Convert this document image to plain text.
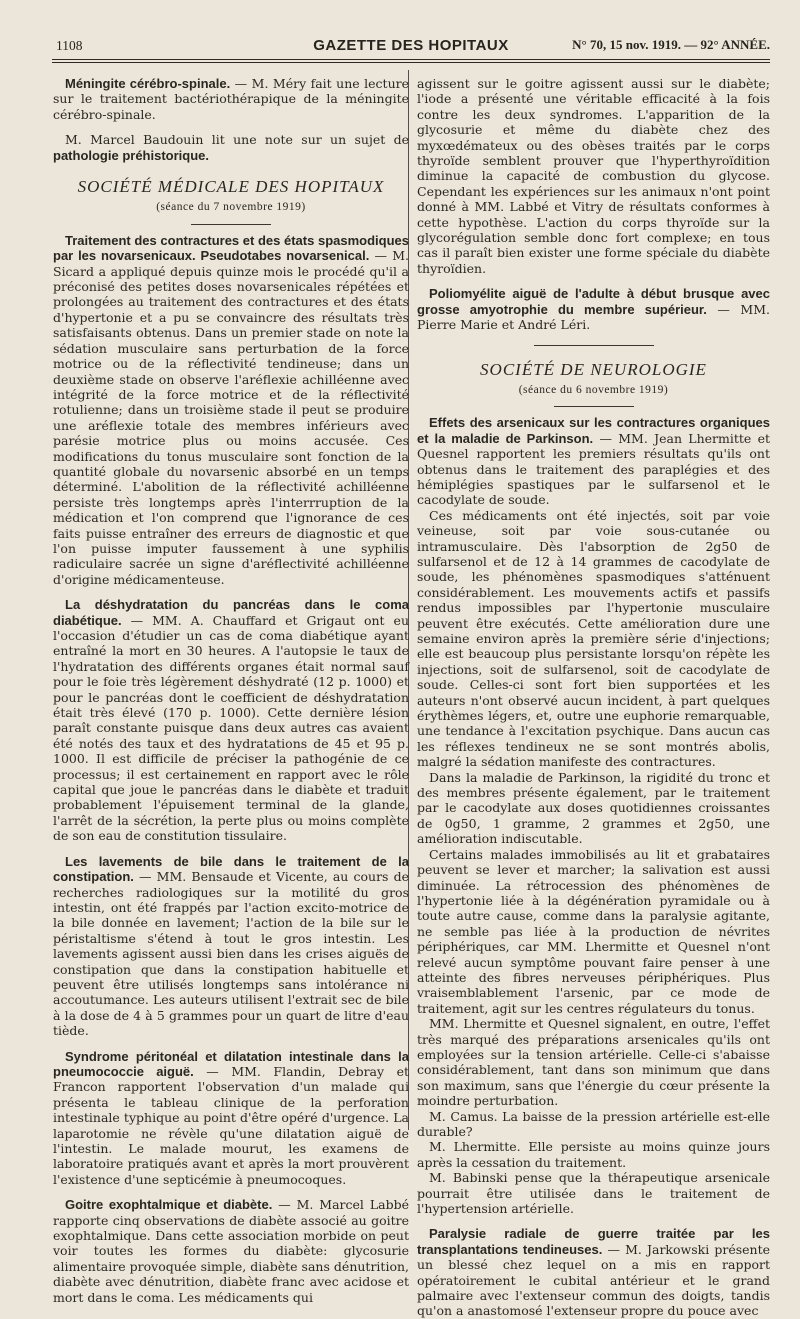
1108	GAZETTE DES HOPITAUX	N° 70, 15 nov. 1919. — 92° ANNÉE.

Méningite cérébro-spinale. — M. Méry fait une lecture sur le traitement bactériothérapique de la méningite cérébro-spinale.

M. Marcel Baudouin lit une note sur un sujet de pathologie préhistorique.

SOCIÉTÉ MÉDICALE DES HOPITAUX

(séance du 7 novembre 1919)

Traitement des contractures et des états spasmodiques par les novarsenicaux. Pseudotabes novarsenical. — M. Sicard a appliqué depuis quinze mois le procédé qu'il a préconisé des petites doses novarsenicales répétées et prolongées au traitement des contractures et des états d'hypertonie et a pu se convaincre des résultats très satisfaisants obtenus. Dans un premier stade on note la sédation musculaire sans perturbation de la force motrice ou de la réflectivité tendineuse; dans un deuxième stade on observe l'aréflexie achilléenne avec intégrité de la force motrice et de la réflectivité rotulienne; dans un troisième stade il peut se produire une aréflexie totale des membres inférieurs avec parésie motrice plus ou moins accusée. Ces modifications du tonus musculaire sont fonction de la quantité globale du novarsenic absorbé en un temps déterminé. L'abolition de la réflectivité achilléenne persiste très longtemps après l'interrruption de la médication et l'on comprend que l'ignorance de ces faits puisse entraîner des erreurs de diagnostic et que l'on puisse imputer faussement à une syphilis radiculaire sacrée un signe d'aréflectivité achilléenne d'origine médicamenteuse.

La déshydratation du pancréas dans le coma diabétique. — MM. A. Chauffard et Grigaut ont eu l'occasion d'étudier un cas de coma diabétique ayant entraîné la mort en 30 heures. A l'autopsie le taux de l'hydratation des différents organes était normal sauf pour le foie très légèrement déshydraté (12 p. 1000) et pour le pancréas dont le coefficient de déshydratation était très élevé (170 p. 1000). Cette dernière lésion paraît constante puisque dans deux autres cas avaient été notés des taux et des hydratations de 45 et 95 p. 1000. Il est difficile de préciser la pathogénie de ce processus; il est certainement en rapport avec le rôle capital que joue le pancréas dans le diabète et traduit probablement l'épuisement terminal de la glande, l'arrêt de la sécrétion, la perte plus ou moins complète de son eau de constitution tissulaire.

Les lavements de bile dans le traitement de la constipation. — MM. Bensaude et Vicente, au cours de recherches radiologiques sur la motilité du gros intestin, ont été frappés par l'action excito-motrice de la bile donnée en lavement; l'action de la bile sur le péristaltisme s'étend à tout le gros intestin. Les lavements agissent aussi bien dans les crises aiguës de constipation que dans la constipation habituelle et peuvent être utilisés longtemps sans intolérance ni accoutumance. Les auteurs utilisent l'extrait sec de bile à la dose de 4 à 5 grammes pour un quart de litre d'eau tiède.

Syndrome péritonéal et dilatation intestinale dans la pneumococcie aiguë. — MM. Flandin, Debray et Francon rapportent l'observation d'un malade qui présenta le tableau clinique de la perforation intestinale typhique au point d'être opéré d'urgence. La laparotomie ne révèle qu'une dilatation aiguë de l'intestin. Le malade mourut, les examens de laboratoire pratiqués avant et après la mort prouvèrent l'existence d'une septicémie à pneumocoques.

Goitre exophtalmique et diabète. — M. Marcel Labbé rapporte cinq observations de diabète associé au goitre exophtalmique. Dans cette association morbide on peut voir toutes les formes du diabète: glycosurie alimentaire provoquée simple, diabète sans dénutrition, diabète avec dénutrition, diabète franc avec acidose et mort dans le coma. Les médicaments qui

agissent sur le goitre agissent aussi sur le diabète; l'iode a présenté une véritable efficacité à la fois contre les deux syndromes. L'apparition de la glycosurie et même du diabète chez des myxœdémateux ou des obèses traités par le corps thyroïde semblent prouver que l'hyperthyroïdition diminue la capacité de combustion du glycose. Cependant les expériences sur les animaux n'ont point donné à MM. Labbé et Vitry de résultats conformes à cette hypothèse. L'action du corps thyroïde sur la glycorégulation semble donc fort complexe; en tous cas il paraît bien exister une forme spéciale du diabète thyroïdien.

Poliomyélite aiguë de l'adulte à début brusque avec grosse amyotrophie du membre supérieur. — MM. Pierre Marie et André Léri.

SOCIÉTÉ DE NEUROLOGIE

(séance du 6 novembre 1919)

Effets des arsenicaux sur les contractures organiques et la maladie de Parkinson. — MM. Jean Lhermitte et Quesnel rapportent les premiers résultats qu'ils ont obtenus dans le traitement des paraplégies et des hémiplégies spastiques par le sulfarsenol et le cacodylate de soude.

Ces médicaments ont été injectés, soit par voie veineuse, soit par voie sous-cutanée ou intramusculaire. Dès l'absorption de 2g50 de sulfarsenol et de 12 à 14 grammes de cacodylate de soude, les phénomènes spasmodiques s'atténuent considérablement. Les mouvements actifs et passifs rendus impossibles par l'hypertonie musculaire peuvent être exécutés. Cette amélioration dure une semaine environ après la première série d'injections; elle est beaucoup plus persistante lorsqu'on répète les injections, soit de sulfarsenol, soit de cacodylate de soude. Celles-ci sont fort bien supportées et les auteurs n'ont observé aucun incident, à part quelques érythèmes légers, et, outre une euphorie remarquable, une tendance à l'excitation psychique. Dans aucun cas les réflexes tendineux ne se sont montrés abolis, malgré la sédation manifeste des contractures.

Dans la maladie de Parkinson, la rigidité du tronc et des membres présente également, par le traitement par le cacodylate aux doses quotidiennes croissantes de 0g50, 1 gramme, 2 grammes et 2g50, une amélioration indiscutable.

Certains malades immobilisés au lit et grabataires peuvent se lever et marcher; la salivation est aussi diminuée. La rétrocession des phénomènes de l'hypertonie liée à la dégénération pyramidale ou à toute autre cause, comme dans la paralysie agitante, ne semble pas liée à la production de névrites périphériques, car MM. Lhermitte et Quesnel n'ont relevé aucun symptôme pouvant faire penser à une atteinte des fibres nerveuses périphériques. Plus vraisemblablement l'arsenic, par ce mode de traitement, agit sur les centres régulateurs du tonus.

MM. Lhermitte et Quesnel signalent, en outre, l'effet très marqué des préparations arsenicales qu'ils ont employées sur la tension artérielle. Celle-ci s'abaisse considérablement, tant dans son minimum que dans son maximum, sans que l'énergie du cœur présente la moindre perturbation.

M. Camus. La baisse de la pression artérielle est-elle durable?

M. Lhermitte. Elle persiste au moins quinze jours après la cessation du traitement.

M. Babinski pense que la thérapeutique arsenicale pourrait être utilisée dans le traitement de l'hypertension artérielle.

Paralysie radiale de guerre traitée par les transplantations tendineuses. — M. Jarkowski présente un blessé chez lequel on a mis en rapport opératoirement le cubital antérieur et le grand palmaire avec l'extenseur commun des doigts, tandis qu'on a anastomosé l'extenseur propre du pouce avec
